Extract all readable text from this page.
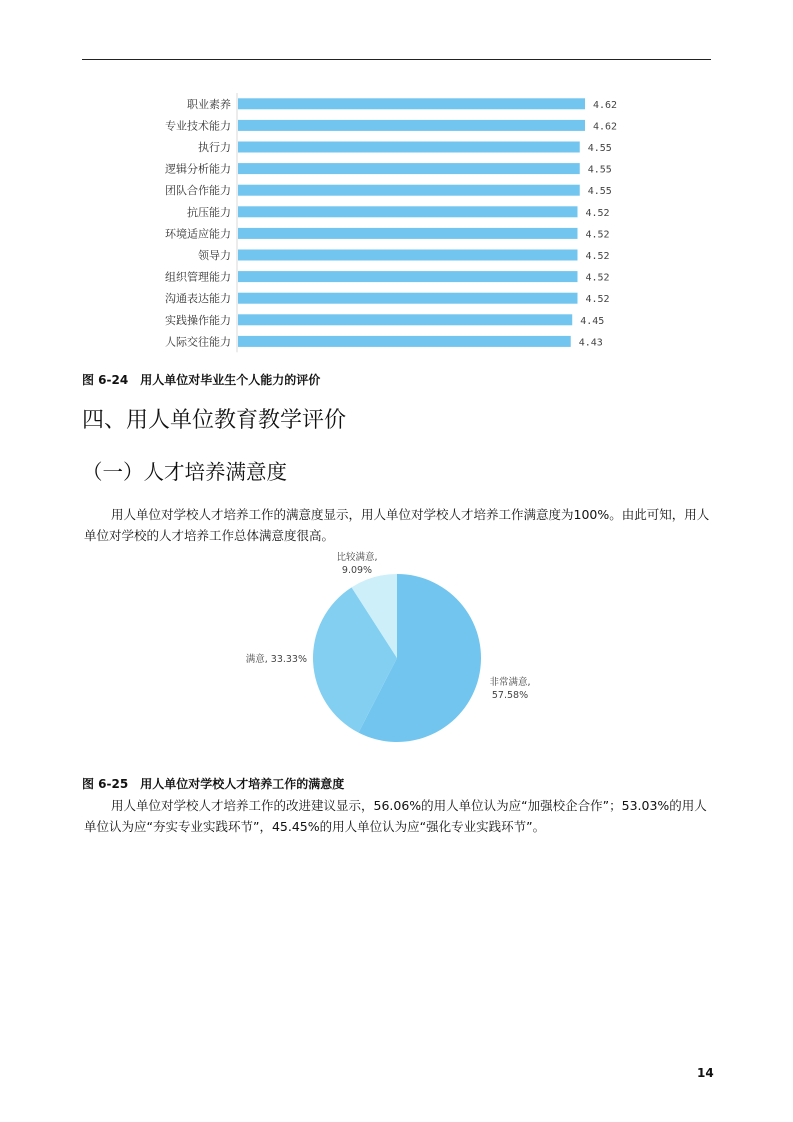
职业素养	4.62
专业技术能力	4.62
执行力	4.55
逻辑分析能力	4.55
团队合作能力	4.55
抗压能力	4.52
环境适应能力	4.52
领导力	4.52
组织管理能力	4.52
沟通表达能力	4.52
实践操作能力	4.45
人际交往能力	4.43
图 6-24　用人单位对毕业生个人能力的评价
四、用人单位教育教学评价
（一）人才培养满意度
用人单位对学校人才培养工作的满意度显示，用人单位对学校人才培养工作满意度为100%。由此可知，用人单位对学校的人才培养工作总体满意度很高。
非常满意,
57.58%
满意, 33.33%
比较满意,
9.09%
图 6-25　用人单位对学校人才培养工作的满意度
用人单位对学校人才培养工作的改进建议显示，56.06%的用人单位认为应“加强校企合作”；53.03%的用人单位认为应“夯实专业实践环节”，45.45%的用人单位认为应“强化专业实践环节”。
14
